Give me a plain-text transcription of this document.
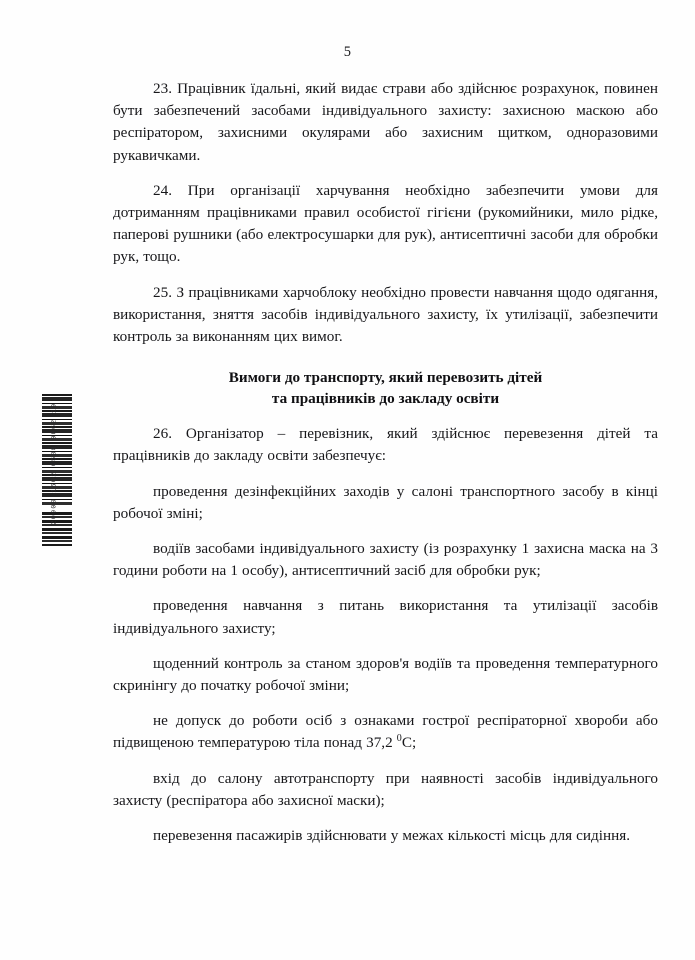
5
20000 1602 0588 0062 10

23. Працівник їдальні, який видає страви або здійснює розрахунок, повинен бути забезпечений засобами індивідуального захисту: захисною маскою або респіратором, захисними окулярами або захисним щитком, одноразовими рукавичками.

24. При організації харчування необхідно забезпечити умови для дотриманням працівниками правил особистої гігієни (рукомийники, мило рідке, паперові рушники (або електросушарки для рук), антисептичні засоби для обробки рук, тощо.

25. З працівниками харчоблоку необхідно провести навчання щодо одягання, використання, зняття засобів індивідуального захисту, їх утилізації, забезпечити контроль за виконанням цих вимог.

Вимоги до транспорту, який перевозить дітей
та працівників до закладу освіти

26. Організатор – перевізник, який здійснює перевезення дітей та працівників до закладу освіти забезпечує:

проведення дезінфекційних заходів у салоні транспортного засобу в кінці робочої зміні;

водіїв засобами індивідуального захисту (із розрахунку 1 захисна маска на 3 години роботи на 1 особу), антисептичний засіб для обробки рук;

проведення навчання з питань використання та утилізації засобів індивідуального захисту;

щоденний контроль за станом здоров'я водіїв та проведення температурного скринінгу до початку робочої зміни;

не допуск до роботи осіб з ознаками гострої респіраторної хвороби або підвищеною температурою тіла понад 37,2 $^0$C;

вхід до салону автотранспорту при наявності засобів індивідуального захисту (респіратора або захисної маски);

перевезення пасажирів здійснювати у межах кількості місць для сидіння.
